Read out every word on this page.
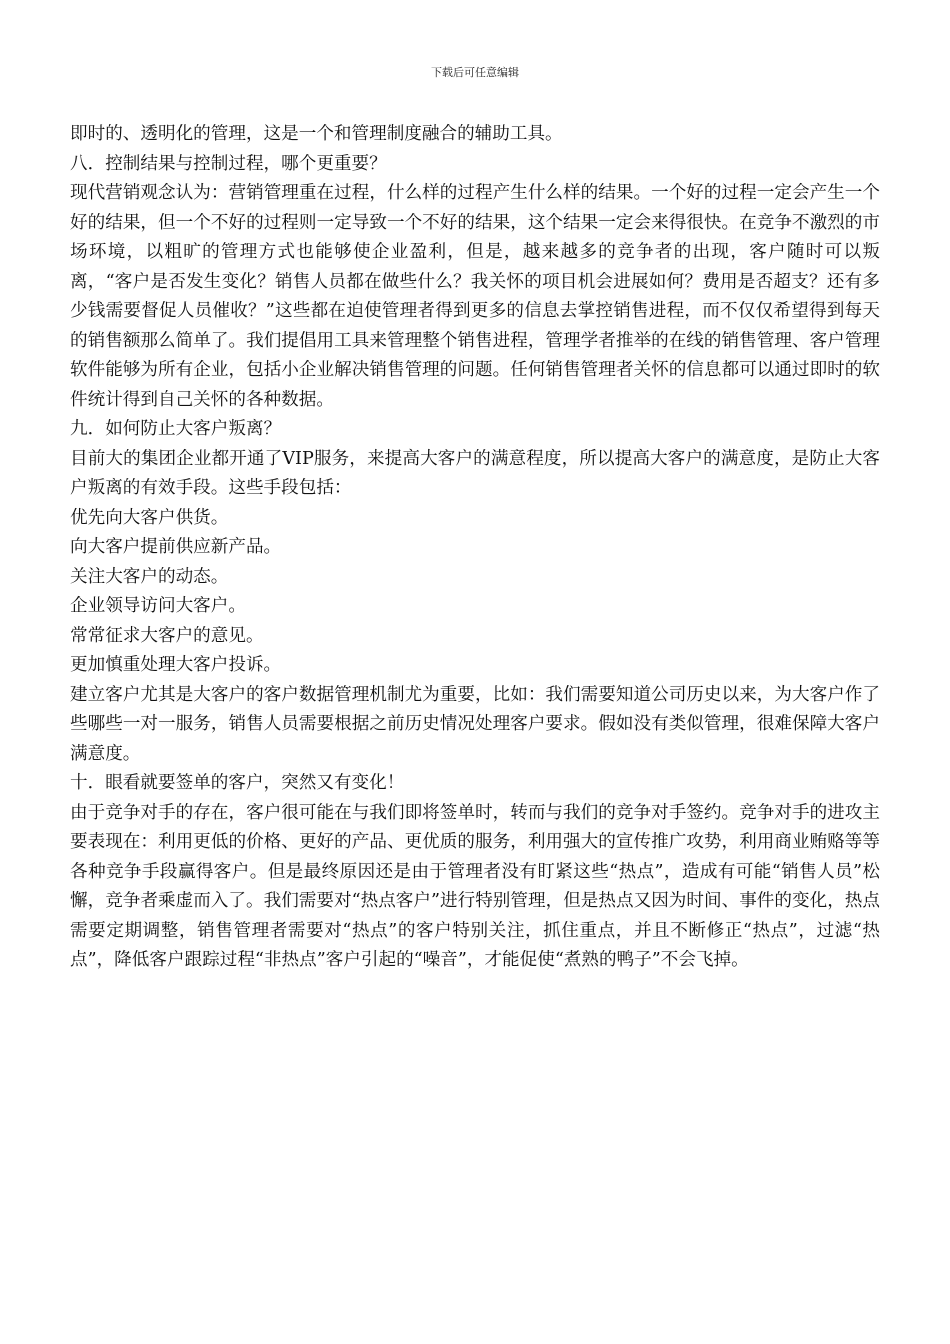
下载后可任意编辑

即时的、透明化的管理，这是一个和管理制度融合的辅助工具。

八．控制结果与控制过程，哪个更重要？

现代营销观念认为：营销管理重在过程，什么样的过程产生什么样的结果。一个好的过程一定会产生一个好的结果，但一个不好的过程则一定导致一个不好的结果，这个结果一定会来得很快。在竞争不激烈的市场环境，以粗旷的管理方式也能够使企业盈利，但是，越来越多的竞争者的出现，客户随时可以叛离，“客户是否发生变化？销售人员都在做些什么？我关怀的项目机会进展如何？费用是否超支？还有多少钱需要督促人员催收？”这些都在迫使管理者得到更多的信息去掌控销售进程，而不仅仅希望得到每天的销售额那么简单了。我们提倡用工具来管理整个销售进程，管理学者推举的在线的销售管理、客户管理软件能够为所有企业，包括小企业解决销售管理的问题。任何销售管理者关怀的信息都可以通过即时的软件统计得到自己关怀的各种数据。

九．如何防止大客户叛离？

目前大的集团企业都开通了VIP服务，来提高大客户的满意程度，所以提高大客户的满意度，是防止大客户叛离的有效手段。这些手段包括：

优先向大客户供货。

向大客户提前供应新产品。

关注大客户的动态。

企业领导访问大客户。

常常征求大客户的意见。

更加慎重处理大客户投诉。

建立客户尤其是大客户的客户数据管理机制尤为重要，比如：我们需要知道公司历史以来，为大客户作了些哪些一对一服务，销售人员需要根据之前历史情况处理客户要求。假如没有类似管理，很难保障大客户满意度。

十．眼看就要签单的客户，突然又有变化！

由于竞争对手的存在，客户很可能在与我们即将签单时，转而与我们的竞争对手签约。竞争对手的进攻主要表现在：利用更低的价格、更好的产品、更优质的服务，利用强大的宣传推广攻势，利用商业贿赂等等各种竞争手段赢得客户。但是最终原因还是由于管理者没有盯紧这些“热点”，造成有可能“销售人员”松懈，竞争者乘虚而入了。我们需要对“热点客户”进行特别管理，但是热点又因为时间、事件的变化，热点需要定期调整，销售管理者需要对“热点”的客户特别关注，抓住重点，并且不断修正“热点”，过滤“热点”，降低客户跟踪过程“非热点”客户引起的“噪音”，才能促使“煮熟的鸭子”不会飞掉。
